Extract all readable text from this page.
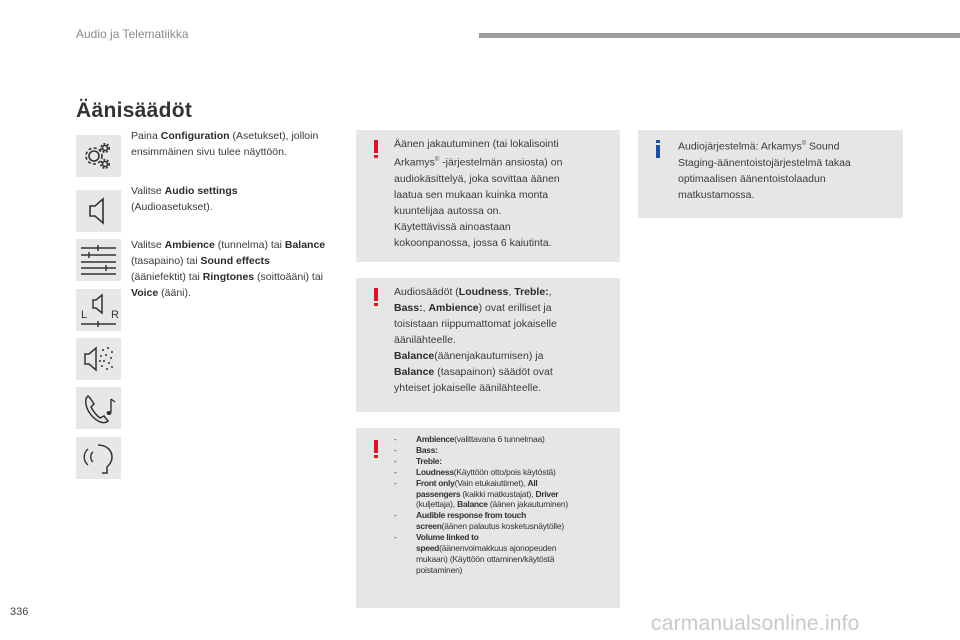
Audio ja Telematiikka
Äänisäädöt
L R
Paina Configuration (Asetukset), jolloin ensimmäinen sivu tulee näyttöön.
Valitse Audio settings
(Audioasetukset).
Valitse Ambience (tunnelma) tai Balance (tasapaino) tai Sound effects (ääniefektit) tai Ringtones (soittoääni) tai Voice (ääni).
Äänen jakautuminen (tai lokalisointi
Arkamys© -järjestelmän ansiosta) on
audiokäsittelyä, joka sovittaa äänen
laatua sen mukaan kuinka monta
kuuntelijaa autossa on.
Käytettävissä ainoastaan
kokoonpanossa, jossa 6 kaiutinta.
Audiosäädöt (Loudness, Treble:,
Bass:, Ambience) ovat erilliset ja
toisistaan riippumattomat jokaiselle
äänilähteelle.
Balance(äänenjakautumisen) ja
Balance (tasapainon) säädöt ovat
yhteiset jokaiselle äänilähteelle.
- Ambience(valittavana 6 tunnelmaa)
- Bass:
- Treble:
- Loudness(Käyttöön otto/pois käytöstä)
- Front only(Vain etukaiuttimet), All
passengers (kaikki matkustajat), Driver
(kuljettaja), Balance (äänen jakautuminen)
- Audible response from touch
screen(äänen palautus kosketusnäytölle)
- Volume linked to
speed(äänenvoimakkuus ajonopeuden
mukaan) (Käyttöön ottaminen/käytöstä
poistaminen)
Audiojärjestelmä: Arkamys© Sound
Staging-äänentoistojärjestelmä takaa
optimaalisen äänentoistolaadun
matkustamossa.
336	carmanualsonline.info
